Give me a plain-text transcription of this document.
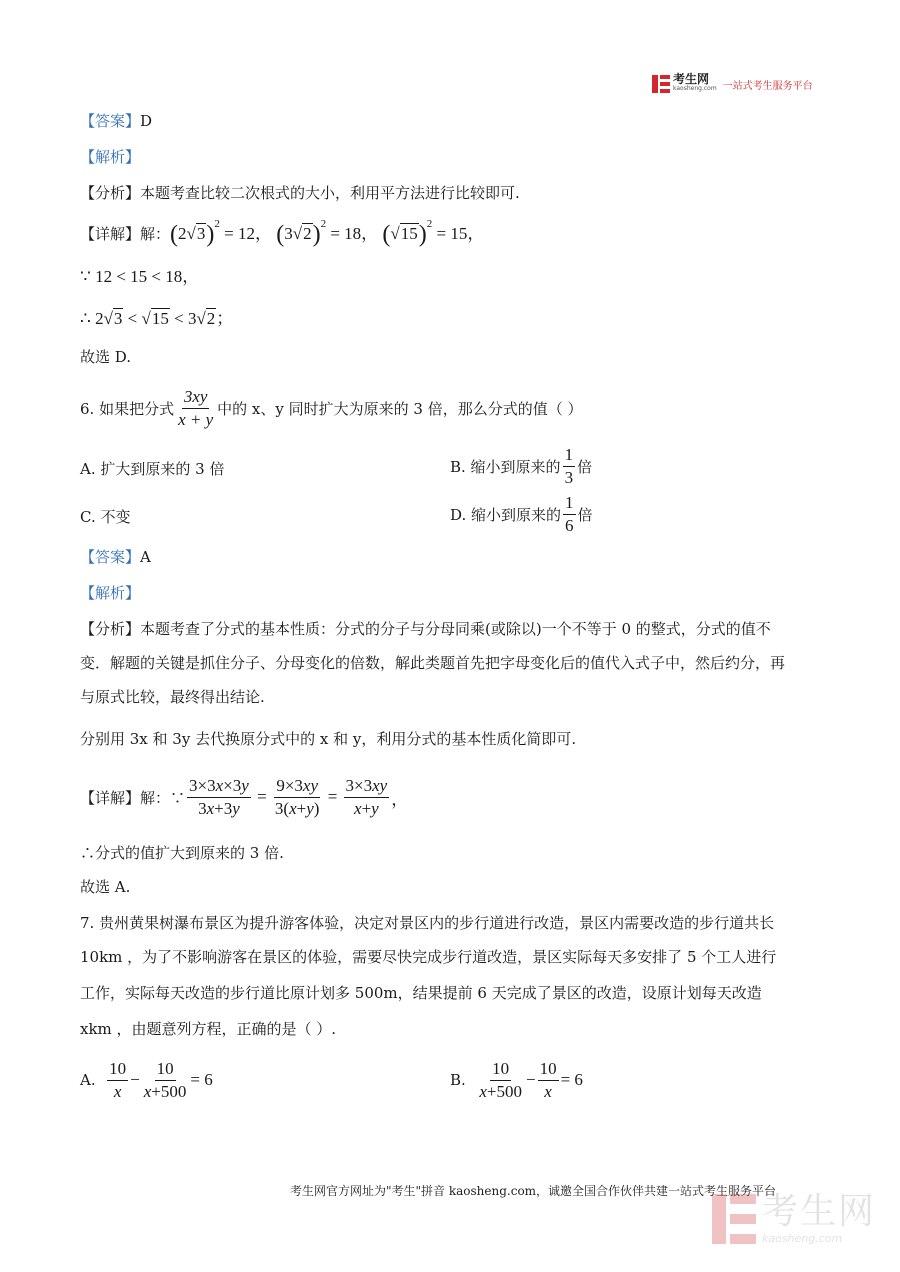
考生网
kaosheng.com 一站式考生服务平台
【答案】D
【解析】
【分析】本题考查比较二次根式的大小，利用平方法进行比较即可.
【详解】 解： $(2√3)^2 = 12$， $(3√2)^2 = 18$， $(√15)^2 = 15$，
∵ 12 < 15 < 18，
∴ 2√3 < √15 < 3√2；
故选 D.
6. 如果把分式 $\frac{3xy}{x + y}$ 中的 x、y 同时扩大为原来的 3 倍，那么分式的值（ ）
A. 扩大到原来的 3 倍	B. 缩小到原来的 $\frac{1}{3}$ 倍
C. 不变	D. 缩小到原来的 $\frac{1}{6}$ 倍
【答案】A
【解析】
【分析】本题考查了分式的基本性质：分式的分子与分母同乘(或除以)一个不等于 0 的整式，分式的值不
变．解题的关键是抓住分子、分母变化的倍数，解此类题首先把字母变化后的值代入式子中，然后约分，再
与原式比较，最终得出结论.
分别用 3x 和 3y 去代换原分式中的 x 和 y，利用分式的基本性质化简即可.
【详解】 解：∵ $\frac{3\times 3x\times 3y}{3x+3y} = \frac{9\times 3xy}{3(x+y)} = \frac{3\times 3xy}{x+y}$ ，
∴分式的值扩大到原来的 3 倍.
故选 A.
7. 贵州黄果树瀑布景区为提升游客体验，决定对景区内的步行道进行改造，景区内需要改造的步行道共长
10km ，为了不影响游客在景区的体验，需要尽快完成步行道改造，景区实际每天多安排了 5 个工人进行
工作，实际每天改造的步行道比原计划多 500m，结果提前 6 天完成了景区的改造，设原计划每天改造
xkm ，由题意列方程，正确的是（ ）.
A.
$\frac{10}{x} - \frac{10}{x+500} = 6$	B.
$\frac{10}{x+500} - \frac{10}{x} = 6$
考生网官方网址为"考生"拼音 kaosheng.com，诚邀全国合作伙伴共建一站式考生服务平台
考生网
kaosheng.com
